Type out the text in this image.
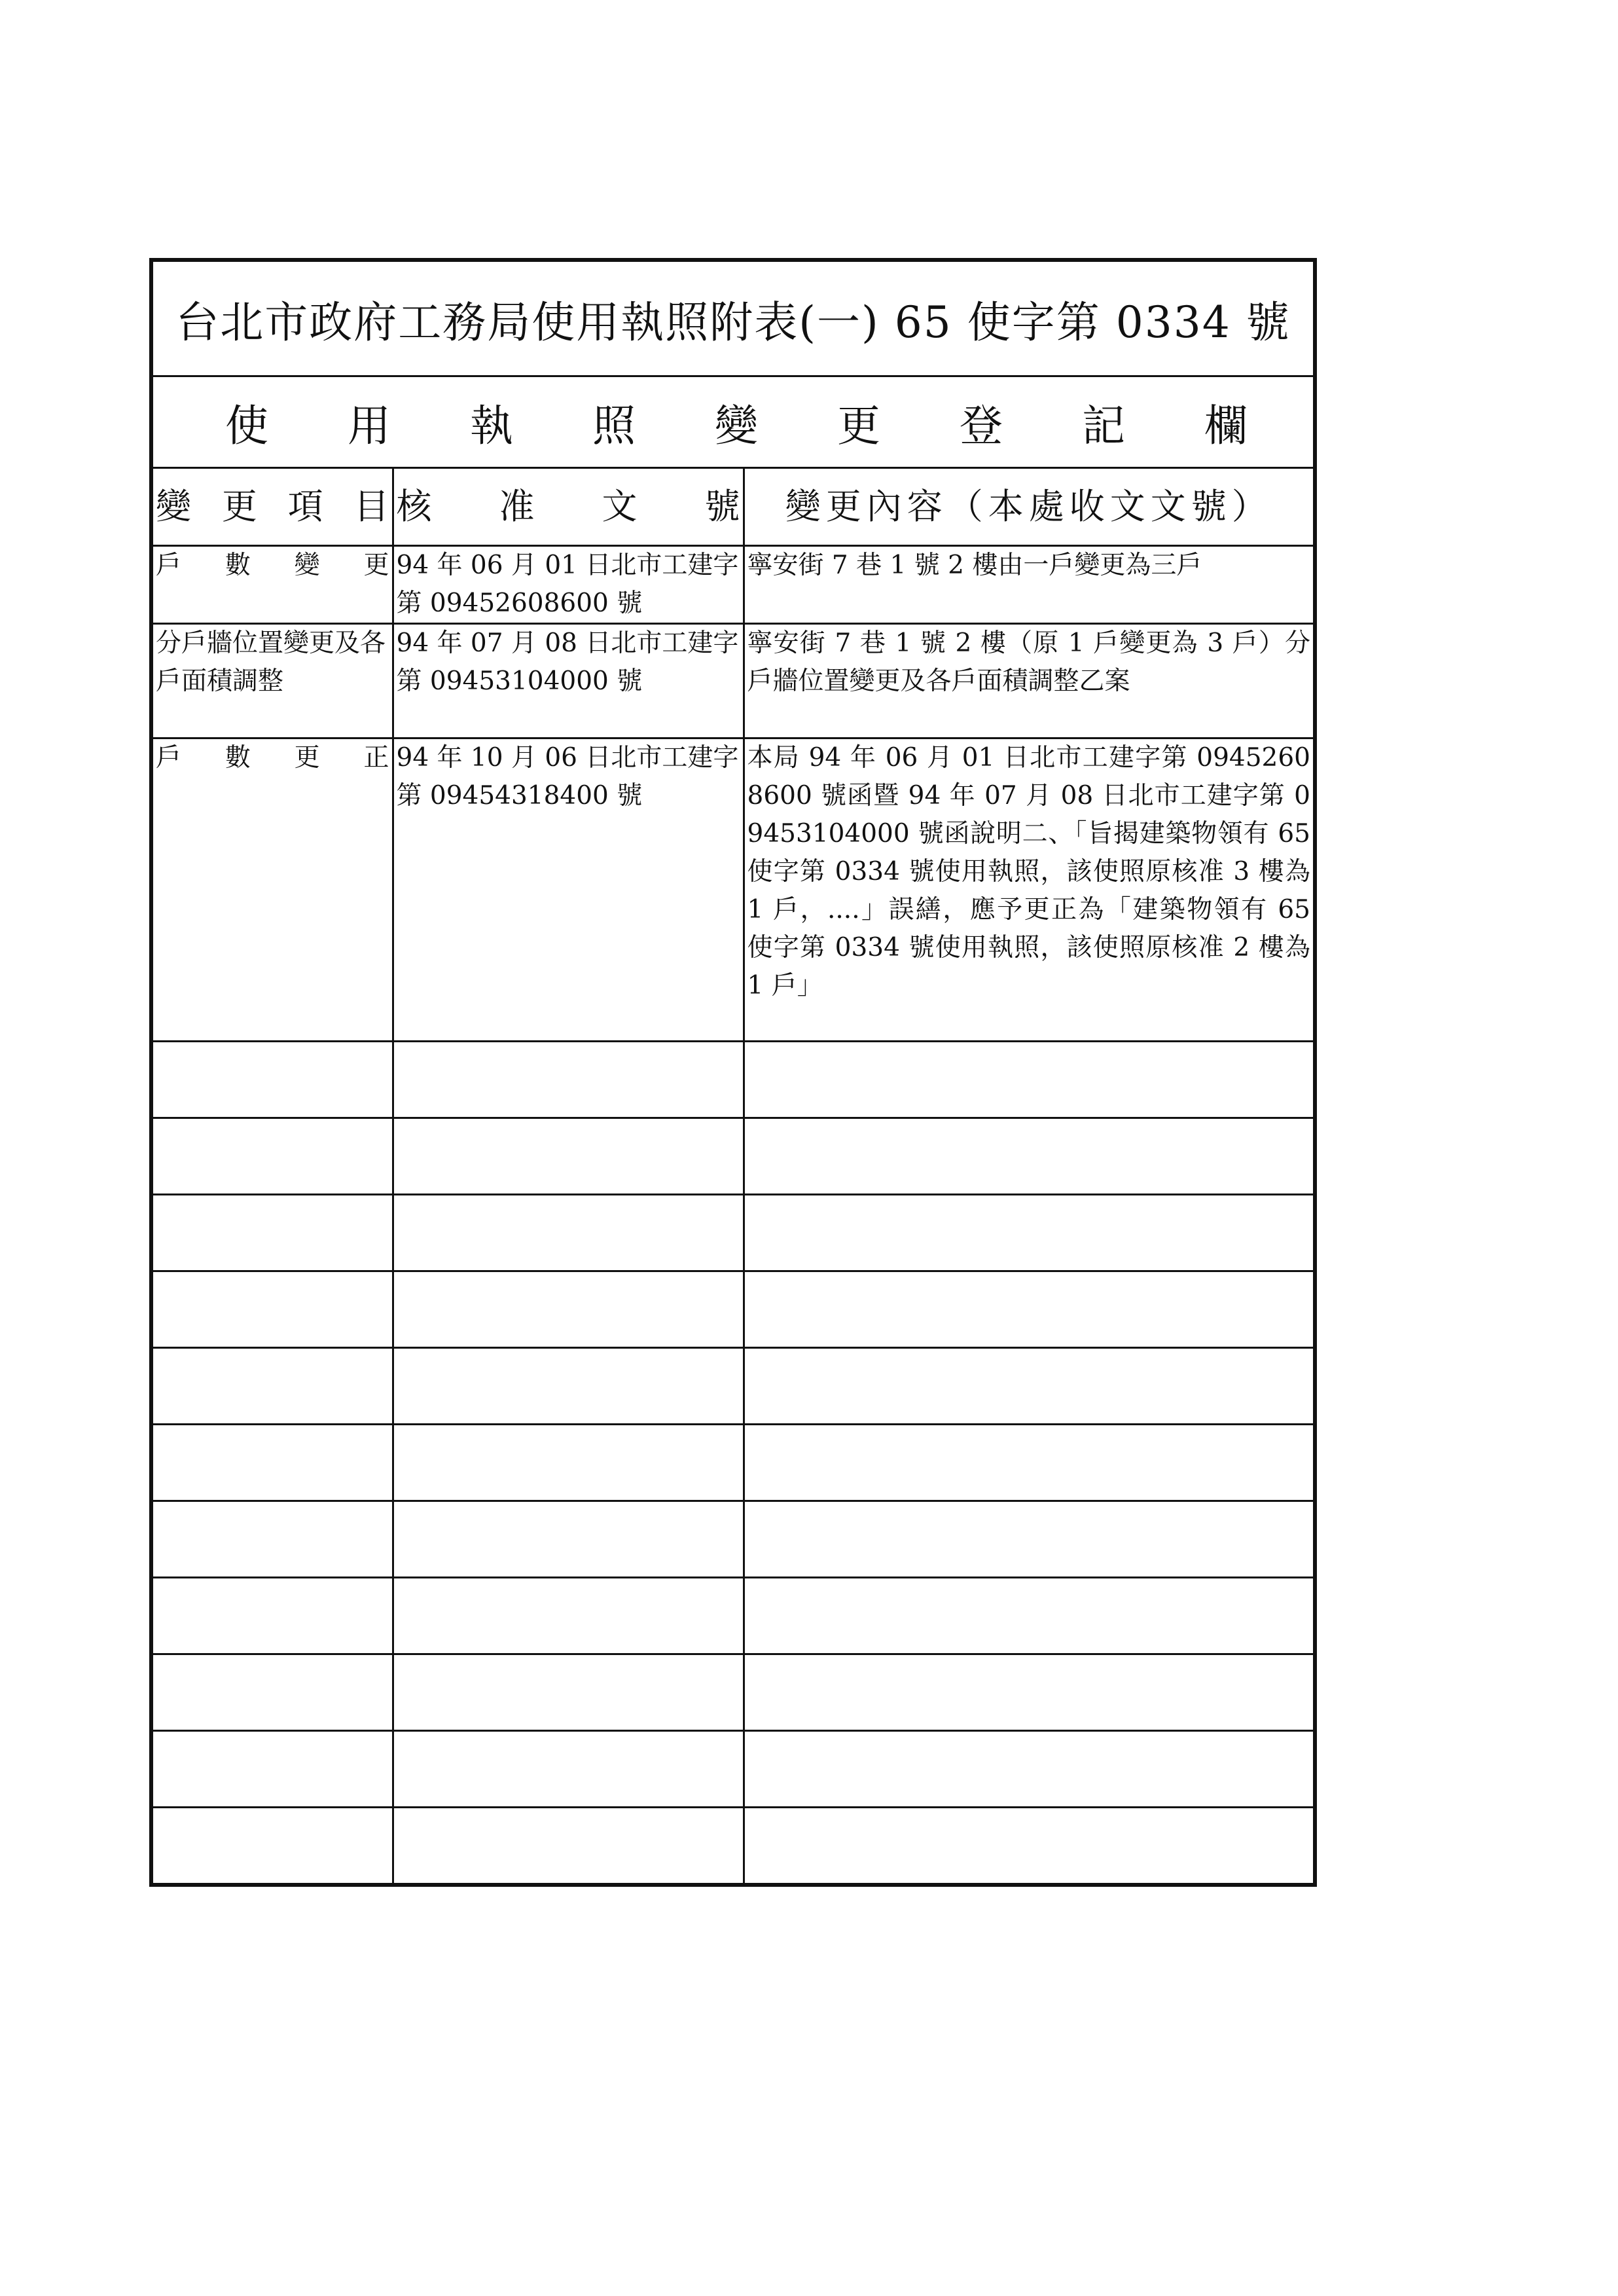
台北市政府工務局使用執照附表(一) 65 使字第 0334 號
使 用 執 照 變 更 登 記 欄
變 更 項 目	核 准 文 號	變更內容（本處收文文號）

戶 數 變 更	94 年 06 月 01 日北市工建字第 09452608600 號	寧安街 7 巷 1 號 2 樓由一戶變更為三戶
分戶牆位置變更及各戶面積調整	94 年 07 月 08 日北市工建字第 09453104000 號	寧安街 7 巷 1 號 2 樓（原 1 戶變更為 3 戶）分戶牆位置變更及各戶面積調整乙案

戶 數 更 正	94 年 10 月 06 日北市工建字第 09454318400 號	本局 94 年 06 月 01 日北市工建字第 09452608600 號函暨 94 年 07 月 08 日北市工建字第 09453104000 號函說明二、「旨揭建築物領有 65 使字第 0334 號使用執照，該使照原核准 3 樓為 1 戶，....」誤繕，應予更正為「建築物領有 65 使字第 0334 號使用執照，該使照原核准 2 樓為 1 戶」
